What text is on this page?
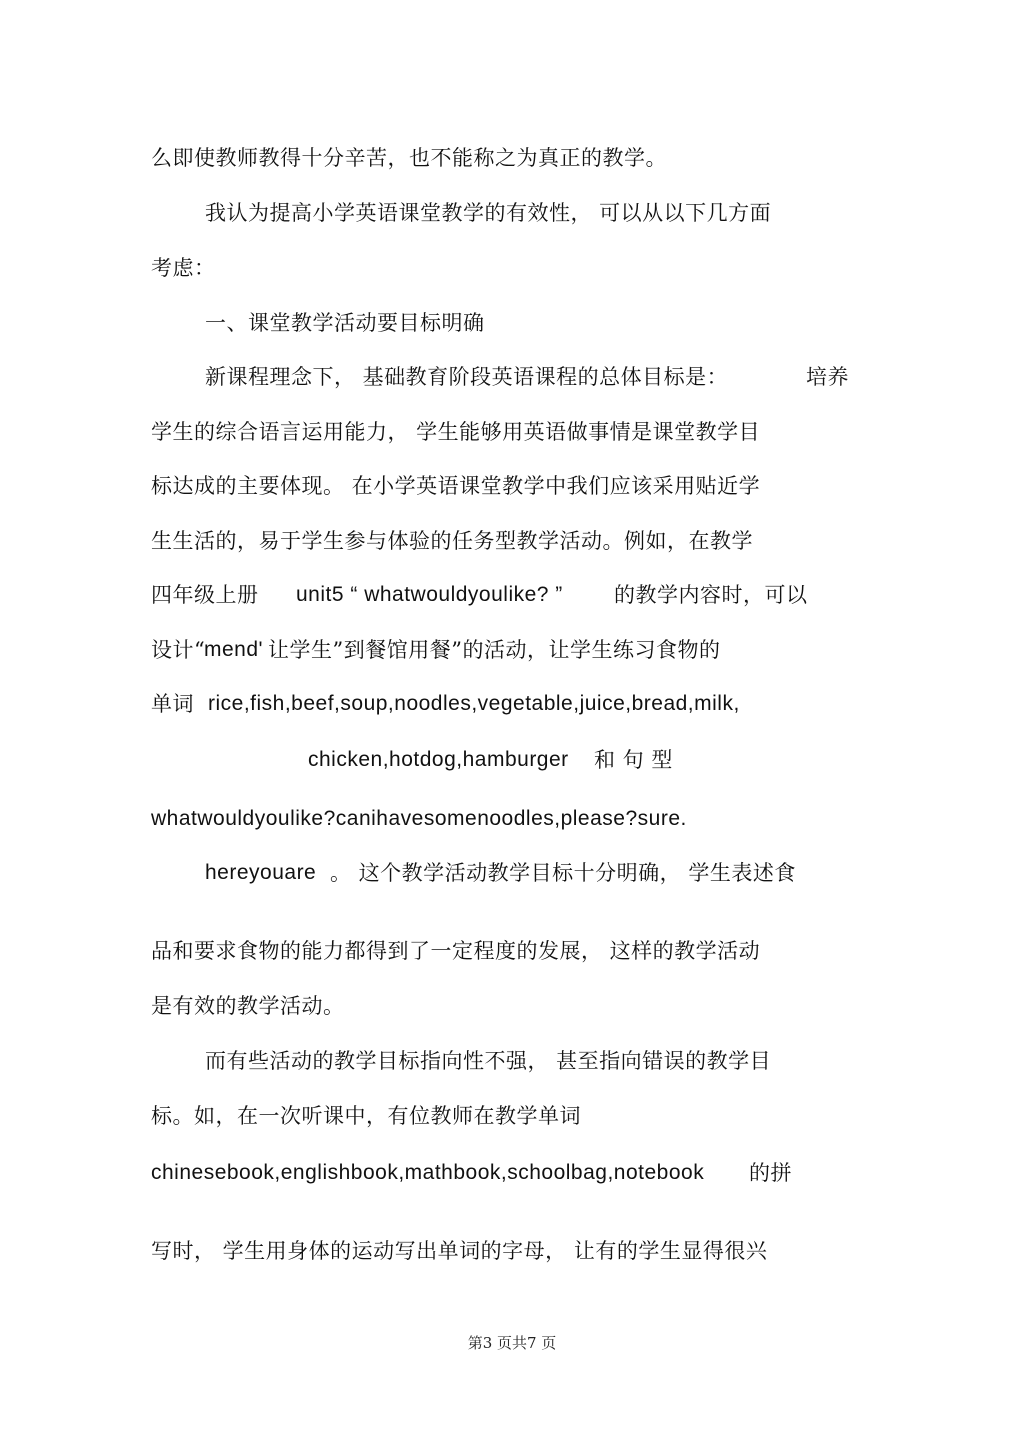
么即使教师教得十分辛苦，也不能称之为真正的教学。
我认为提高小学英语课堂教学的有效性， 可以从以下几方面
考虑：
一、课堂教学活动要目标明确
新课程理念下， 基础教育阶段英语课程的总体目标是：	培养
学生的综合语言运用能力， 学生能够用英语做事情是课堂教学目
标达成的主要体现。 在小学英语课堂教学中我们应该采用贴近学
生生活的，易于学生参与体验的任务型教学活动。例如，在教学
四年级上册 unit5 “ whatwouldyoulike? ” 的教学内容时，可以
设计“
mend' 让学生”到餐馆用餐”的活动，让学生练习食物的
单词 rice,fish,beef,soup,noodles,vegetable,juice,bread,milk,
chicken,hotdog,hamburger 和 句 型
whatwouldyoulike?canihavesomenoodles,please?sure.
hereyouare 。 这个教学活动教学目标十分明确， 学生表述食
品和要求食物的能力都得到了一定程度的发展， 这样的教学活动
是有效的教学活动。
而有些活动的教学目标指向性不强， 甚至指向错误的教学目
标。如，在一次听课中，有位教师在教学单词
chinesebook,englishbook,mathbook,schoolbag,notebook 的拼
写时， 学生用身体的运动写出单词的字母， 让有的学生显得很兴
第3 页共7 页
